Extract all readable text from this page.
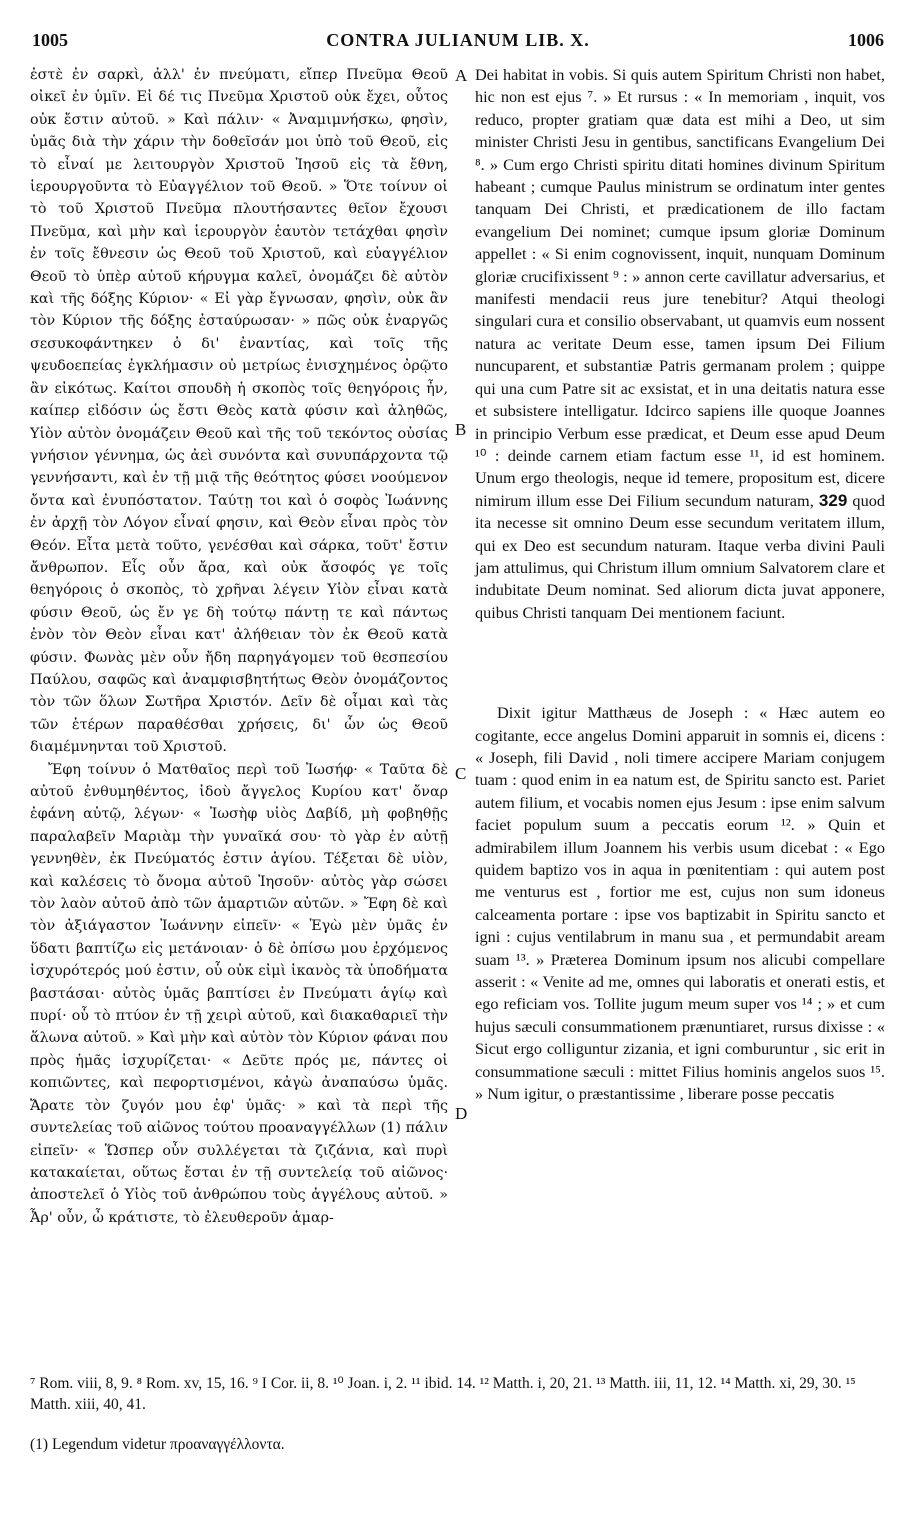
1005	CONTRA JULIANUM LIB. X.	1006

ἐστὲ ἐν σαρκὶ, ἀλλ' ἐν πνεύματι, εἴπερ Πνεῦμα Θεοῦ οἰκεῖ ἐν ὑμῖν. Εἰ δέ τις Πνεῦμα Χριστοῦ οὐκ ἔχει, οὗτος οὐκ ἔστιν αὐτοῦ. » Καὶ πάλιν· « Ἀναμιμνήσκω, φησὶν, ὑμᾶς διὰ τὴν χάριν τὴν δοθεῖσάν μοι ὑπὸ τοῦ Θεοῦ, εἰς τὸ εἶναί με λειτουργὸν Χριστοῦ Ἰησοῦ εἰς τὰ ἔθνη, ἱερουργοῦντα τὸ Εὐαγγέλιον τοῦ Θεοῦ. » Ὅτε τοίνυν οἱ τὸ τοῦ Χριστοῦ Πνεῦμα πλουτήσαντες θεῖον ἔχουσι Πνεῦμα, καὶ μὴν καὶ ἱερουργὸν ἑαυτὸν τετάχθαι φησὶν ἐν τοῖς ἔθνεσιν ὡς Θεοῦ τοῦ Χριστοῦ, καὶ εὐαγγέλιον Θεοῦ τὸ ὑπὲρ αὐτοῦ κήρυγμα καλεῖ, ὀνομάζει δὲ αὐτὸν καὶ τῆς δόξης Κύριον· « Εἰ γὰρ ἔγνωσαν, φησὶν, οὐκ ἂν τὸν Κύριον τῆς δόξης ἐσταύρωσαν· » πῶς οὐκ ἐναργῶς σεσυκοφάντηκεν ὁ δι' ἐναντίας, καὶ τοῖς τῆς ψευδοεπείας ἐγκλήμασιν οὐ μετρίως ἐνισχημένος ὀρῷτο ἂν εἰκότως. Καίτοι σπουδὴ ἡ σκοπὸς τοῖς θεηγόροις ἦν, καίπερ εἰδόσιν ὡς ἔστι Θεὸς κατὰ φύσιν καὶ ἀληθῶς, Υἱὸν αὐτὸν ὀνομάζειν Θεοῦ καὶ τῆς τοῦ τεκόντος οὐσίας γνήσιον γέννημα, ὡς ἀεὶ συνόντα καὶ συνυπάρχοντα τῷ γεννήσαντι, καὶ ἐν τῇ μιᾷ τῆς θεότητος φύσει νοούμενον ὄντα καὶ ἐνυπόστατον. Ταύτῃ τοι καὶ ὁ σοφὸς Ἰωάννης ἐν ἀρχῇ τὸν Λόγον εἶναί φησιν, καὶ Θεὸν εἶναι πρὸς τὸν Θεόν. Εἶτα μετὰ τοῦτο, γενέσθαι καὶ σάρκα, τοῦτ' ἔστιν ἄνθρωπον. Εἷς οὖν ἄρα, καὶ οὐκ ἄσοφός γε τοῖς θεηγόροις ὁ σκοπὸς, τὸ χρῆναι λέγειν Υἱὸν εἶναι κατὰ φύσιν Θεοῦ, ὡς ἔν γε δὴ τούτῳ πάντῃ τε καὶ πάντως ἐνὸν τὸν Θεὸν εἶναι κατ' ἀλήθειαν τὸν ἐκ Θεοῦ κατὰ φύσιν. Φωνὰς μὲν οὖν ἤδη παρηγάγομεν τοῦ θεσπεσίου Παύλου, σαφῶς καὶ ἀναμφισβητήτως Θεὸν ὀνομάζοντος τὸν τῶν ὅλων Σωτῆρα Χριστόν. Δεῖν δὲ οἶμαι καὶ τὰς τῶν ἑτέρων παραθέσθαι χρήσεις, δι' ὧν ὡς Θεοῦ διαμέμνηνται τοῦ Χριστοῦ.

Ἔφη τοίνυν ὁ Ματθαῖος περὶ τοῦ Ἰωσήφ· « Ταῦτα δὲ αὐτοῦ ἐνθυμηθέντος, ἰδοὺ ἄγγελος Κυρίου κατ' ὄναρ ἐφάνη αὐτῷ, λέγων· « Ἰωσὴφ υἱὸς Δαβίδ, μὴ φοβηθῇς παραλαβεῖν Μαριὰμ τὴν γυναῖκά σου· τὸ γὰρ ἐν αὐτῇ γεννηθὲν, ἐκ Πνεύματός ἐστιν ἁγίου. Τέξεται δὲ υἱὸν, καὶ καλέσεις τὸ ὄνομα αὐτοῦ Ἰησοῦν· αὐτὸς γὰρ σώσει τὸν λαὸν αὐτοῦ ἀπὸ τῶν ἁμαρτιῶν αὐτῶν. » Ἔφη δὲ καὶ τὸν ἀξιάγαστον Ἰωάννην εἰπεῖν· « Ἐγὼ μὲν ὑμᾶς ἐν ὕδατι βαπτίζω εἰς μετάνοιαν· ὁ δὲ ὀπίσω μου ἐρχόμενος ἰσχυρότερός μού ἐστιν, οὗ οὐκ εἰμὶ ἱκανὸς τὰ ὑποδήματα βαστάσαι· αὐτὸς ὑμᾶς βαπτίσει ἐν Πνεύματι ἁγίῳ καὶ πυρί· οὗ τὸ πτύον ἐν τῇ χειρὶ αὐτοῦ, καὶ διακαθαριεῖ τὴν ἅλωνα αὐτοῦ. » Καὶ μὴν καὶ αὐτὸν τὸν Κύριον φάναι που πρὸς ἡμᾶς ἰσχυρίζεται· « Δεῦτε πρός με, πάντες οἱ κοπιῶντες, καὶ πεφορτισμένοι, κἀγὼ ἀναπαύσω ὑμᾶς. Ἄρατε τὸν ζυγόν μου ἐφ' ὑμᾶς· » καὶ τὰ περὶ τῆς συντελείας τοῦ αἰῶνος τούτου προαναγγέλλων (1) πάλιν εἰπεῖν· « Ὥσπερ οὖν συλλέγεται τὰ ζιζάνια, καὶ πυρὶ κατακαίεται, οὕτως ἔσται ἐν τῇ συντελείᾳ τοῦ αἰῶνος· ἀποστελεῖ ὁ Υἱὸς τοῦ ἀνθρώπου τοὺς ἀγγέλους αὐτοῦ. » Ἆρ' οὖν, ὦ κράτιστε, τὸ ἐλευθεροῦν ἁμαρ-

A
B
C
D

Dei habitat in vobis. Si quis autem Spiritum Christi non habet, hic non est ejus ⁷. » Et rursus : « In memoriam , inquit, vos reduco, propter gratiam quæ data est mihi a Deo, ut sim minister Christi Jesu in gentibus, sanctificans Evangelium Dei ⁸. » Cum ergo Christi spiritu ditati homines divinum Spiritum habeant ; cumque Paulus ministrum se ordinatum inter gentes tanquam Dei Christi, et prædicationem de illo factam evangelium Dei nominet; cumque ipsum gloriæ Dominum appellet : « Si enim cognovissent, inquit, nunquam Dominum gloriæ crucifixissent ⁹ : » annon certe cavillatur adversarius, et manifesti mendacii reus jure tenebitur? Atqui theologi singulari cura et consilio observabant, ut quamvis eum nossent natura ac veritate Deum esse, tamen ipsum Dei Filium nuncuparent, et substantiæ Patris germanam prolem ; quippe qui una cum Patre sit ac exsistat, et in una deitatis natura esse et subsistere intelligatur. Idcirco sapiens ille quoque Joannes in principio Verbum esse prædicat, et Deum esse apud Deum ¹⁰ : deinde carnem etiam factum esse ¹¹, id est hominem. Unum ergo theologis, neque id temere, propositum est, dicere nimirum illum esse Dei Filium secundum naturam, 329 quod ita necesse sit omnino Deum esse secundum veritatem illum, qui ex Deo est secundum naturam. Itaque verba divini Pauli jam attulimus, qui Christum illum omnium Salvatorem clare et indubitate Deum nominat. Sed aliorum dicta juvat apponere, quibus Christi tanquam Dei mentionem faciunt.

Dixit igitur Matthæus de Joseph : « Hæc autem eo cogitante, ecce angelus Domini apparuit in somnis ei, dicens : « Joseph, fili David , noli timere accipere Mariam conjugem tuam : quod enim in ea natum est, de Spiritu sancto est. Pariet autem filium, et vocabis nomen ejus Jesum : ipse enim salvum faciet populum suum a peccatis eorum ¹². » Quin et admirabilem illum Joannem his verbis usum dicebat : « Ego quidem baptizo vos in aqua in pœnitentiam : qui autem post me venturus est , fortior me est, cujus non sum idoneus calceamenta portare : ipse vos baptizabit in Spiritu sancto et igni : cujus ventilabrum in manu sua , et permundabit aream suam ¹³. » Præterea Dominum ipsum nos alicubi compellare asserit : « Venite ad me, omnes qui laboratis et onerati estis, et ego reficiam vos. Tollite jugum meum super vos ¹⁴ ; » et cum hujus sæculi consummationem prænuntiaret, rursus dixisse : « Sicut ergo colliguntur zizania, et igni comburuntur , sic erit in consummatione sæculi : mittet Filius hominis angelos suos ¹⁵. » Num igitur, o præstantissime , liberare posse peccatis

⁷ Rom. viii, 8, 9. ⁸ Rom. xv, 15, 16. ⁹ I Cor. ii, 8. ¹⁰ Joan. i, 2. ¹¹ ibid. 14. ¹² Matth. i, 20, 21. ¹³ Matth. iii, 11, 12. ¹⁴ Matth. xi, 29, 30. ¹⁵ Matth. xiii, 40, 41.
(1) Legendum videtur προαναγγέλλοντα.
